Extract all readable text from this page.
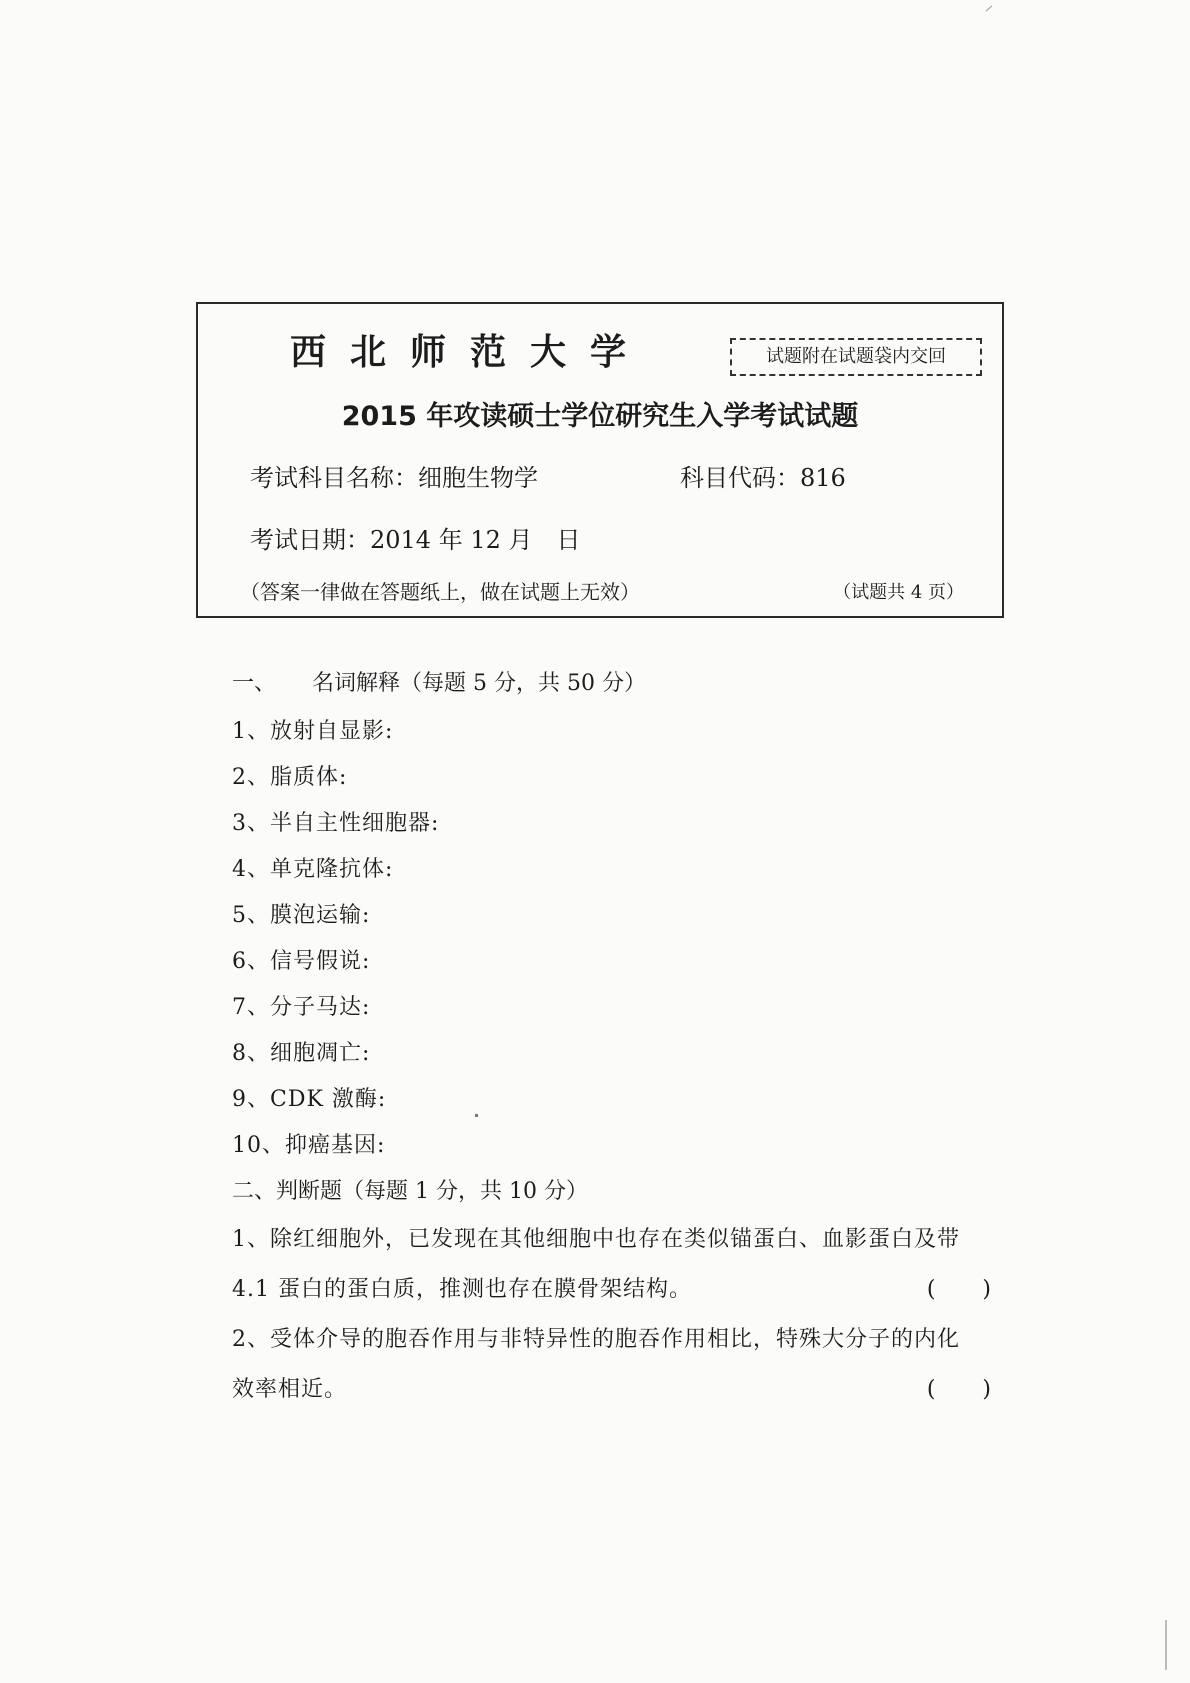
西北师范大学	试题附在试题袋内交回
2015 年攻读硕士学位研究生入学考试试题
考试科目名称：细胞生物学	科目代码：816
考试日期：2014 年 12 月　日
（答案一律做在答题纸上，做在试题上无效）	（试题共 4 页）
一、 名词解释（每题 5 分，共 50 分）
1、放射自显影:
2、脂质体:
3、半自主性细胞器:
4、单克隆抗体:
5、膜泡运输:
6、信号假说:
7、分子马达:
8、细胞凋亡:
9、CDK 激酶:
10、抑癌基因:
二、判断题（每题 1 分，共 10 分）
1、除红细胞外，已发现在其他细胞中也存在类似锚蛋白、血影蛋白及带
4.1 蛋白的蛋白质，推测也存在膜骨架结构。	(　　)
2、受体介导的胞吞作用与非特异性的胞吞作用相比，特殊大分子的内化
效率相近。	(　　)
